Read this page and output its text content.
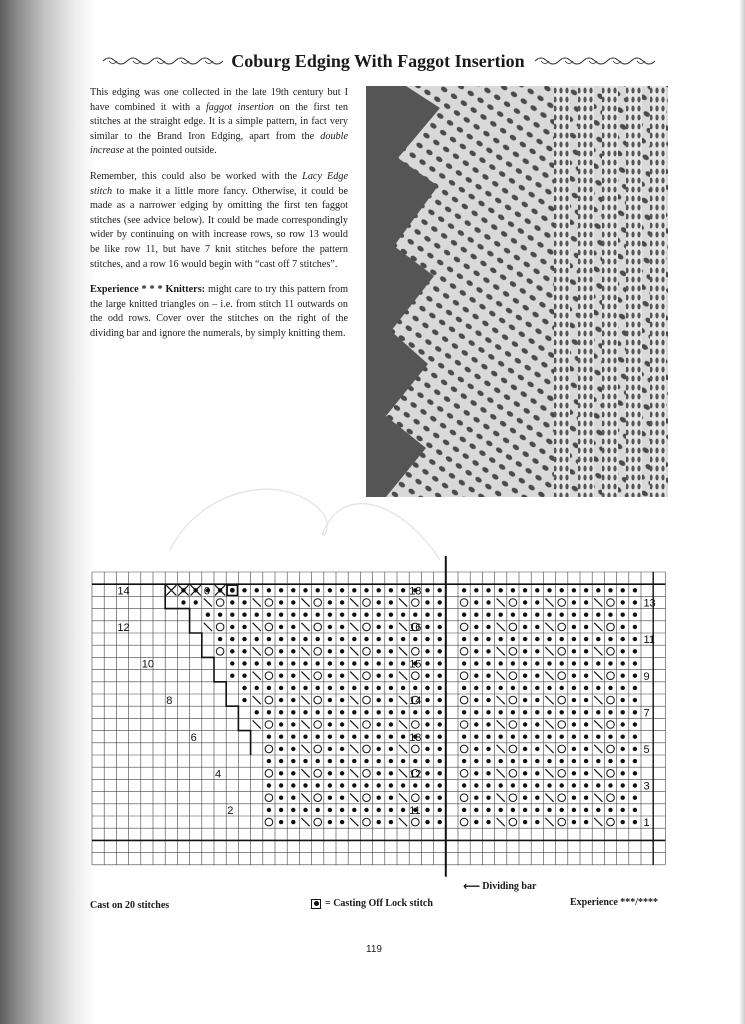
Coburg Edging With Faggot Insertion

This edging was one collected in the late 19th century but I have combined it with a faggot insertion on the first ten stitches at the straight edge. It is a simple pattern, in fact very similar to the Brand Iron Edging, apart from the double increase at the pointed outside.

Remember, this could also be worked with the Lacy Edge stitch to make it a little more fancy. Otherwise, it could be made as a narrower edging by omitting the first ten faggot stitches (see advice below). It could be made correspondingly wider by continuing on with increase rows, so row 13 would be like row 11, but have 7 knit stitches before the pattern stitches, and a row 16 would begin with “cast off 7 stitches”.

Experience * * * Knitters: might care to try this pattern from the large knitted triangles on – i.e. from stitch 11 outwards on the odd rows. Cover over the stitches on the right of the dividing bar and ignore the numerals, by simply knitting them.

13
11
9
7
5
3
1
14
12
10
8
6
4
2
13
16
15
14
13
12
11
6
⟵ Dividing bar
Cast on 20 stitches	= Casting Off Lock stitch	Experience ***/****
119
